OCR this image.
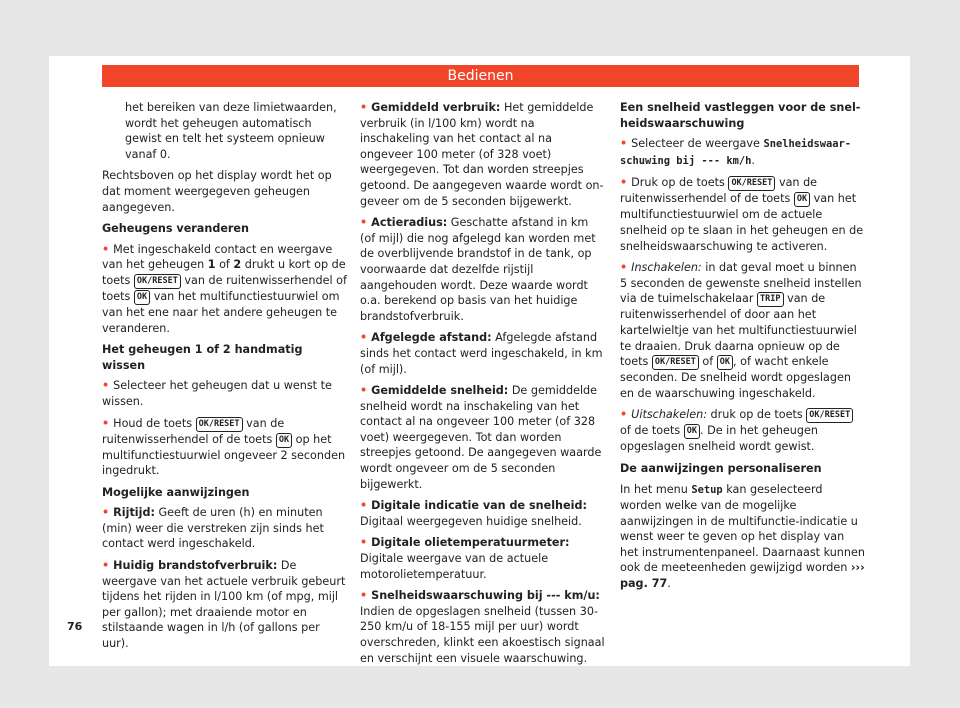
Bedienen

het bereiken van deze limietwaarden, wordt het geheugen automatisch gewist en telt het systeem opnieuw vanaf 0.

Rechtsboven op het display wordt het op dat moment weergegeven geheugen aangegeven.

Geheugens veranderen

• Met ingeschakeld contact en weergave van het geheugen 1 of 2 drukt u kort op de toets OK/RESET van de ruitenwisserhendel of toets OK van het multifunctiestuurwiel om van het ene naar het andere geheugen te veranderen.

Het geheugen 1 of 2 handmatig wissen

• Selecteer het geheugen dat u wenst te wissen.

• Houd de toets OK/RESET van de ruitenwisserhendel of de toets OK op het multifunctiestuurwiel ongeveer 2 seconden ingedrukt.

Mogelijke aanwijzingen

• Rijtijd: Geeft de uren (h) en minuten (min) weer die verstreken zijn sinds het contact werd ingeschakeld.

• Huidig brandstofverbruik: De weergave van het actuele verbruik gebeurt tijdens het rijden in l/100 km (of mpg, mijl per gallon); met draaiende motor en stilstaande wagen in l/h (of gallons per uur).

• Gemiddeld verbruik: Het gemiddelde verbruik (in l/100 km) wordt na inschakeling van het contact al na ongeveer 100 meter (of 328 voet) weergegeven. Tot dan worden streepjes getoond. De aangegeven waarde wordt ongeveer om de 5 seconden bijgewerkt.

• Actieradius: Geschatte afstand in km (of mijl) die nog afgelegd kan worden met de overblijvende brandstof in de tank, op voorwaarde dat dezelfde rijstijl aangehouden wordt. Deze waarde wordt o.a. berekend op basis van het huidige brandstofverbruik.

• Afgelegde afstand: Afgelegde afstand sinds het contact werd ingeschakeld, in km (of mijl).

• Gemiddelde snelheid: De gemiddelde snelheid wordt na inschakeling van het contact al na ongeveer 100 meter (of 328 voet) weergegeven. Tot dan worden streepjes getoond. De aangegeven waarde wordt ongeveer om de 5 seconden bijgewerkt.

• Digitale indicatie van de snelheid: Digitaal weergegeven huidige snelheid.

• Digitale olietemperatuurmeter: Digitale weergave van de actuele motorolietemperatuur.

• Snelheidswaarschuwing bij --- km/u: Indien de opgeslagen snelheid (tussen 30-250 km/u of 18-155 mijl per uur) wordt overschreden, klinkt een akoestisch signaal en verschijnt een visuele waarschuwing.

Een snelheid vastleggen voor de snelheidswaarschuwing

• Selecteer de weergave Snelheidswaarschuwing bij --- km/h.

• Druk op de toets OK/RESET van de ruitenwisserhendel of de toets OK van het multifunctiestuurwiel om de actuele snelheid op te slaan in het geheugen en de snelheidswaarschuwing te activeren.

• Inschakelen: in dat geval moet u binnen 5 seconden de gewenste snelheid instellen via de tuimelschakelaar TRIP van de ruitenwisserhendel of door aan het kartelwieltje van het multifunctiestuurwiel te draaien. Druk daarna opnieuw op de toets OK/RESET of OK , of wacht enkele seconden. De snelheid wordt opgeslagen en de waarschuwing ingeschakeld.

• Uitschakelen: druk op de toets OK/RESET of de toets OK . De in het geheugen opgeslagen snelheid wordt gewist.

De aanwijzingen personaliseren

In het menu Setup kan geselecteerd worden welke van de mogelijke aanwijzingen in de multifunctie-indicatie u wenst weer te geven op het display van het instrumentenpaneel. Daarnaast kunnen ook de meeteenheden gewijzigd worden ››› pag. 77.

76
